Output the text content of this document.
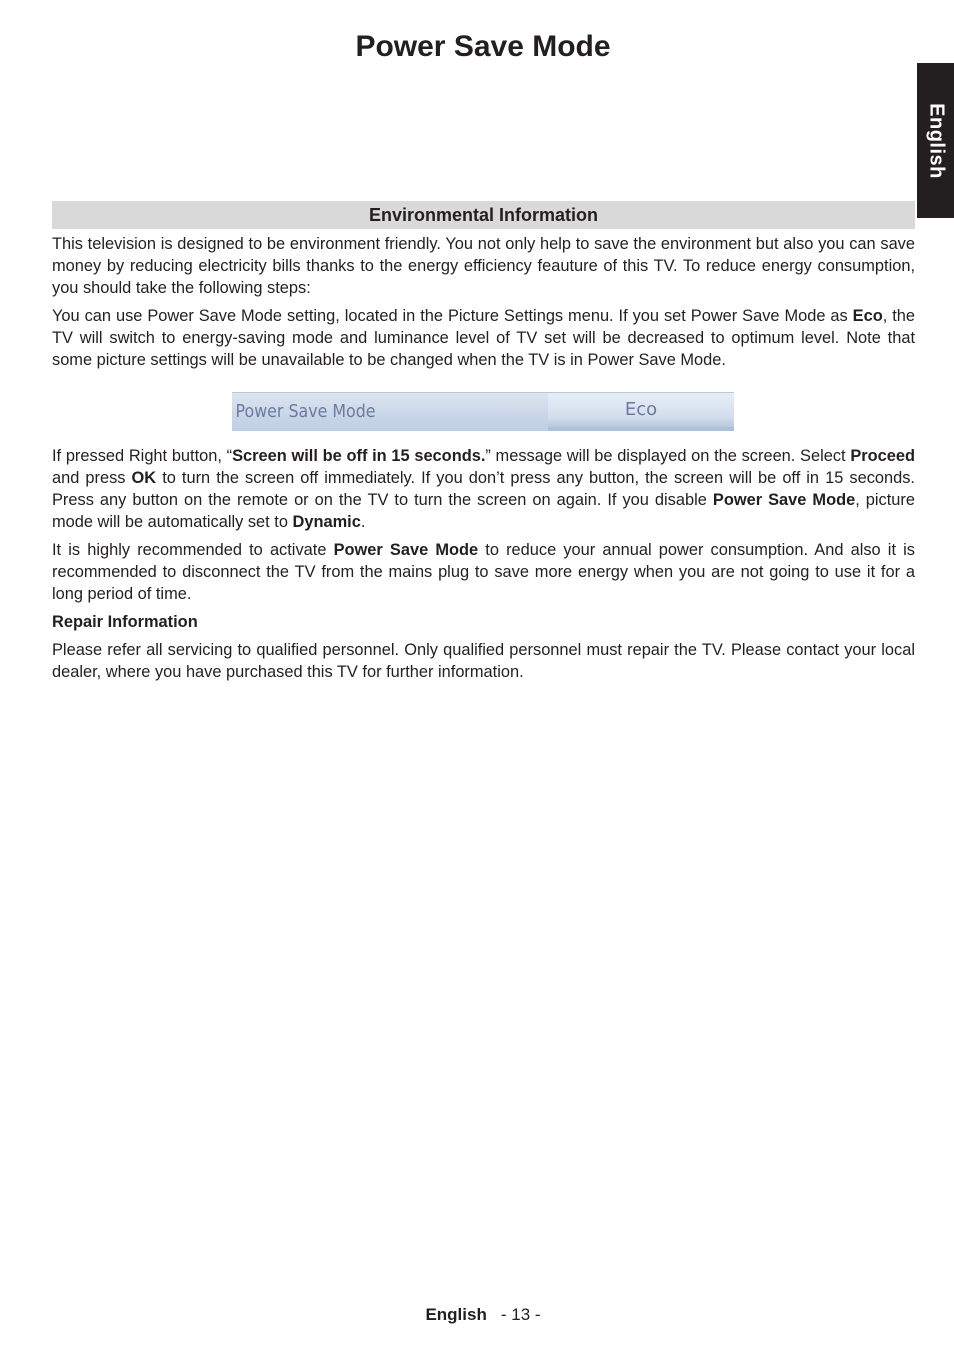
Power Save Mode
English
Environmental Information

This television is designed to be environment friendly. You not only help to save the environment but also you can save money by reducing electricity bills thanks to the energy efficiency feauture of this TV. To reduce energy consumption, you should take the following steps:

You can use Power Save Mode setting, located in the Picture Settings menu. If you set Power Save Mode as Eco, the TV will switch to energy-saving mode and luminance level of TV set will be decreased to optimum level. Note that some picture settings will be unavailable to be changed when the TV is in Power Save Mode.

Power Save Mode	Eco

If pressed Right button, “Screen will be off in 15 seconds.” message will be displayed on the screen. Select Proceed and press OK to turn the screen off immediately. If you don’t press any button, the screen will be off in 15 seconds. Press any button on the remote or on the TV to turn the screen on again. If you disable Power Save Mode, picture mode will be automatically set to Dynamic.

It is highly recommended to activate Power Save Mode to reduce your annual power consumption. And also it is recommended to disconnect the TV from the mains plug to save more energy when you are not going to use it for a long period of time.

Repair Information

Please refer all servicing to qualified personnel. Only qualified personnel must repair the TV. Please contact your local dealer, where you have purchased this TV for further information.

English - 13 -
